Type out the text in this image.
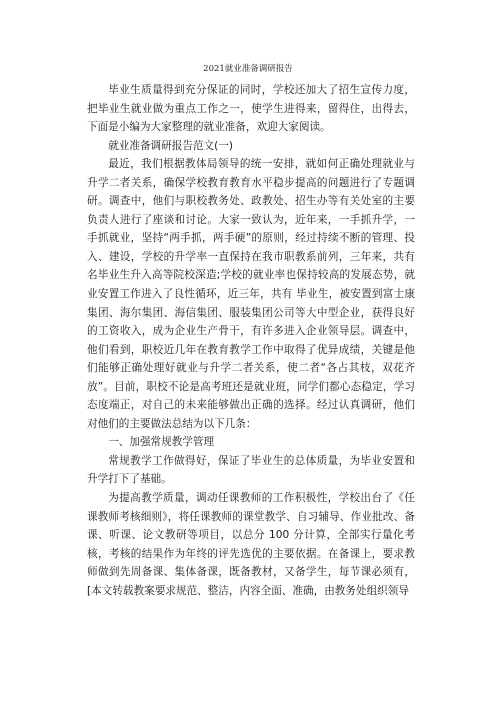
2021就业准备调研报告

毕业生质量得到充分保证的同时，学校还加大了招生宣传力度，把毕业生就业做为重点工作之一，使学生进得来，留得住，出得去，下面是小编为大家整理的就业准备，欢迎大家阅读。

就业准备调研报告范文(一)

最近，我们根据教体局领导的统一安排，就如何正确处理就业与升学二者关系，确保学校教育教育水平稳步提高的问题进行了专题调研。调查中，他们与职校教务处、政教处、招生办等有关处室的主要负责人进行了座谈和讨论。大家一致认为，近年来，一手抓升学，一手抓就业，坚持“两手抓，两手硬”的原则，经过持续不断的管理、投入、建设，学校的升学率一直保持在我市职教系前列，三年来，共有 名毕业生升入高等院校深造;学校的就业率也保持较高的发展态势，就业安置工作进入了良性循环，近三年，共有 毕业生，被安置到富士康集团、海尔集团、海信集团、服装集团公司等大中型企业，获得良好的工资收入，成为企业生产骨干，有许多进入企业领导层。调查中，他们看到，职校近几年在教育教学工作中取得了优异成绩，关键是他们能够正确处理好就业与升学二者关系，使二者“各占其枝，双花齐放”。目前，职校不论是高考班还是就业班，同学们都心态稳定，学习态度端正，对自己的未来能够做出正确的选择。经过认真调研，他们对他们的主要做法总结为以下几条：

一、加强常规教学管理

常规教学工作做得好，保证了毕业生的总体质量，为毕业安置和升学打下了基础。

为提高教学质量，调动任课教师的工作积极性，学校出台了《任课教师考核细则》，将任课教师的课堂教学、自习辅导、作业批改、备课、听课、论文教研等项目，以总分 100 分计算，全部实行量化考核，考核的结果作为年终的评先选优的主要依据。在备课上，要求教师做到先周备课、集体备课，既备教材，又备学生，每节课必须有，[本文转载教案要求规范、整洁，内容全面、准确，由教务处组织领导
